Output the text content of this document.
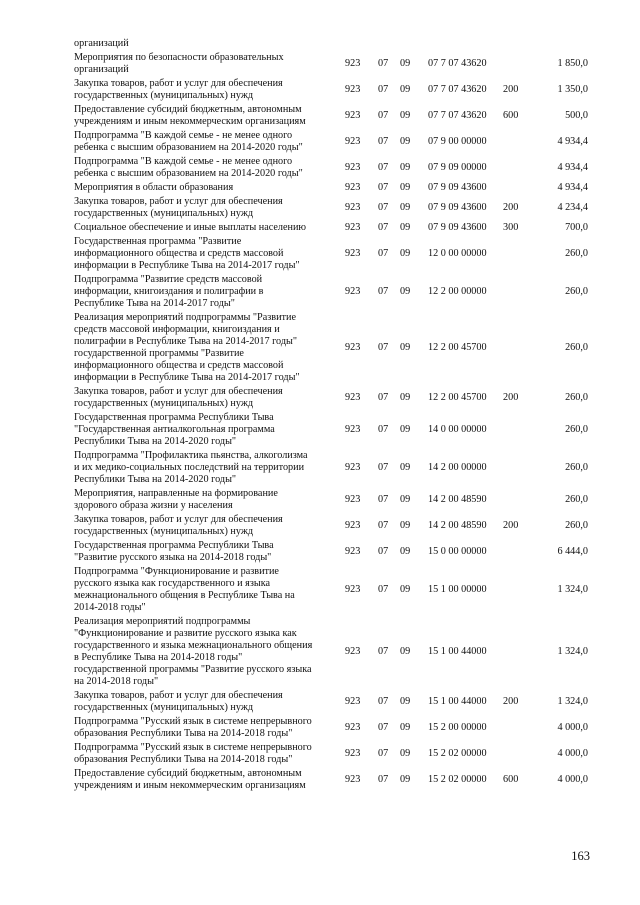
организаций
Мероприятия по безопасности образовательных
организаций
923 07 09 07 7 07 43620	1 850,0
Закупка товаров, работ и услуг для обеспечения
государственных (муниципальных) нужд
923 07 09 07 7 07 43620 200	1 350,0
Предоставление субсидий бюджетным, автономным
учреждениям и иным некоммерческим организациям
923 07 09 07 7 07 43620 600	500,0
Подпрограмма "В каждой семье - не менее одного
ребенка с высшим образованием на 2014-2020 годы"
923 07 09 07 9 00 00000	4 934,4
Подпрограмма "В каждой семье - не менее одного
ребенка с высшим образованием на 2014-2020 годы"
923 07 09 07 9 09 00000	4 934,4
Мероприятия в области образования	923 07 09 07 9 09 43600	4 934,4
Закупка товаров, работ и услуг для обеспечения
государственных (муниципальных) нужд
923 07 09 07 9 09 43600 200	4 234,4
Социальное обеспечение и иные выплаты населению	923 07 09 07 9 09 43600 300	700,0
Государственная программа "Развитие
информационного общества и средств массовой
информации в Республике Тыва на 2014-2017 годы"
923 07 09 12 0 00 00000	260,0
Подпрограмма "Развитие средств массовой
информации, книгоиздания и полиграфии в
Республике Тыва на 2014-2017 годы"
923 07 09 12 2 00 00000	260,0
Реализация мероприятий подпрограммы "Развитие
средств массовой информации, книгоиздания и
полиграфии в Республике Тыва на 2014-2017 годы"
государственной программы "Развитие
информационного общества и средств массовой
информации в Республике Тыва на 2014-2017 годы"
923 07 09 12 2 00 45700	260,0
Закупка товаров, работ и услуг для обеспечения
государственных (муниципальных) нужд
923 07 09 12 2 00 45700 200	260,0
Государственная программа Республики Тыва
"Государственная антиалкогольная программа
Республики Тыва на 2014-2020 годы"
923 07 09 14 0 00 00000	260,0
Подпрограмма "Профилактика пьянства, алкоголизма
и их медико-социальных последствий на территории
Республики Тыва на 2014-2020 годы"
923 07 09 14 2 00 00000	260,0
Мероприятия, направленные на формирование
здорового образа жизни у населения
923 07 09 14 2 00 48590	260,0
Закупка товаров, работ и услуг для обеспечения
государственных (муниципальных) нужд
923 07 09 14 2 00 48590 200	260,0
Государственная программа Республики Тыва
"Развитие русского языка на 2014-2018 годы"
923 07 09 15 0 00 00000	6 444,0
Подпрограмма "Функционирование и развитие
русского языка как государственного и языка
межнационального общения в Республике Тыва на
2014-2018 годы"
923 07 09 15 1 00 00000	1 324,0
Реализация мероприятий подпрограммы
"Функционирование и развитие русского языка как
государственного и языка межнационального общения
в Республике Тыва на 2014-2018 годы"
государственной программы "Развитие русского языка
на 2014-2018 годы"
923 07 09 15 1 00 44000	1 324,0
Закупка товаров, работ и услуг для обеспечения
государственных (муниципальных) нужд
923 07 09 15 1 00 44000 200	1 324,0
Подпрограмма "Русский язык в системе непрерывного
образования Республики Тыва на 2014-2018 годы"
923 07 09 15 2 00 00000	4 000,0
Подпрограмма "Русский язык в системе непрерывного
образования Республики Тыва на 2014-2018 годы"
923 07 09 15 2 02 00000	4 000,0
Предоставление субсидий бюджетным, автономным
учреждениям и иным некоммерческим организациям
923 07 09 15 2 02 00000 600	4 000,0
163
